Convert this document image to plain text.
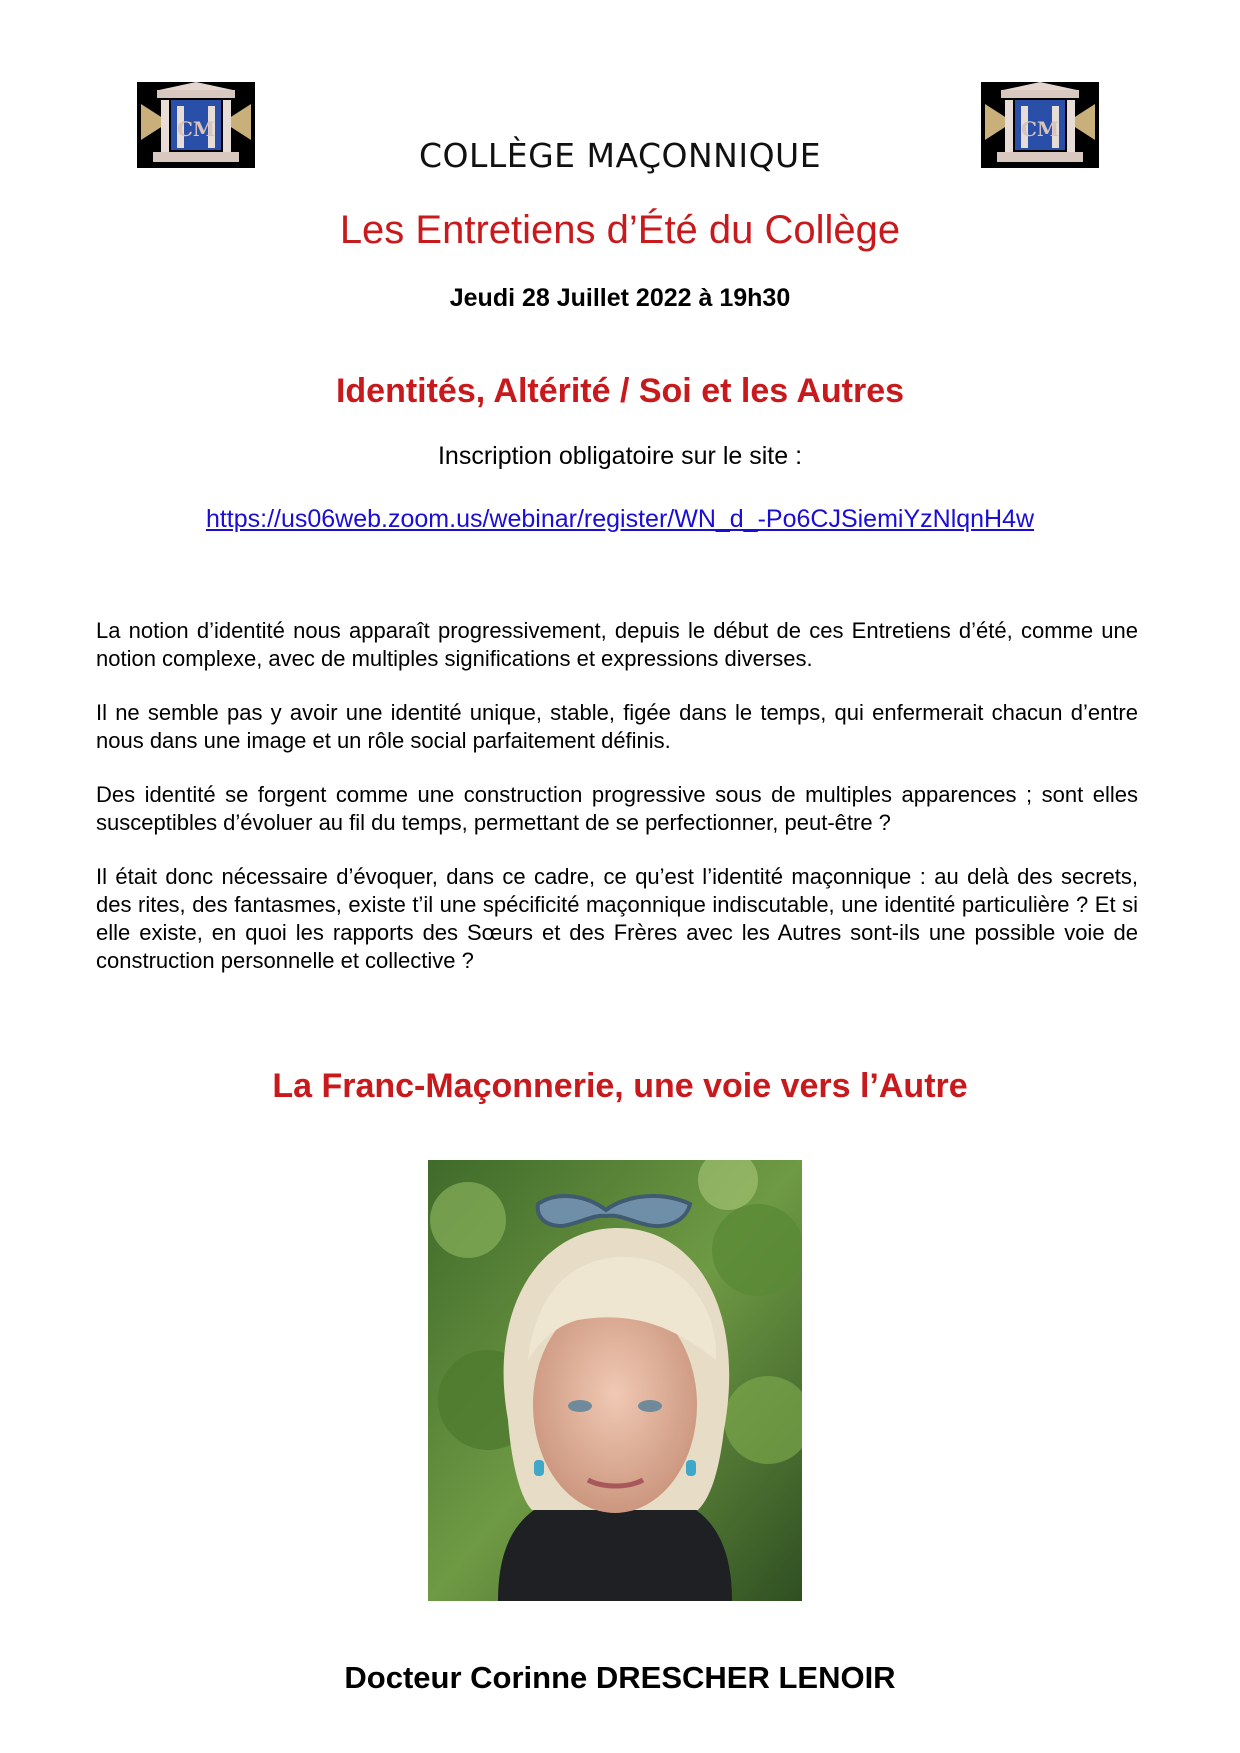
CM	CM
COLLÈGE MAÇONNIQUE
Les Entretiens d’Été du Collège
Jeudi 28 Juillet 2022 à 19h30
Identités, Altérité / Soi et les Autres
Inscription obligatoire sur le site :
https://us06web.zoom.us/webinar/register/WN_d_-Po6CJSiemiYzNlqnH4w

La notion d’identité nous apparaît progressivement, depuis le début de ces Entretiens d’été, comme une notion complexe, avec de multiples significations et expressions diverses.

Il ne semble pas y avoir une identité unique, stable, figée dans le temps, qui enfermerait chacun d’entre nous dans une image et un rôle social parfaitement définis.

Des identité se forgent comme une construction progressive sous de multiples apparences ; sont elles susceptibles d’évoluer au fil du temps, permettant de se perfectionner, peut-être ?

Il était donc nécessaire d’évoquer, dans ce cadre, ce qu’est l’identité maçonnique : au delà des secrets, des rites, des fantasmes, existe t’il une spécificité maçonnique indiscutable, une identité particulière ? Et si elle existe, en quoi les rapports des Sœurs et des Frères avec les Autres sont-ils une possible voie de construction personnelle et collective ?

La Franc-Maçonnerie, une voie vers l’Autre
Docteur Corinne DRESCHER LENOIR
